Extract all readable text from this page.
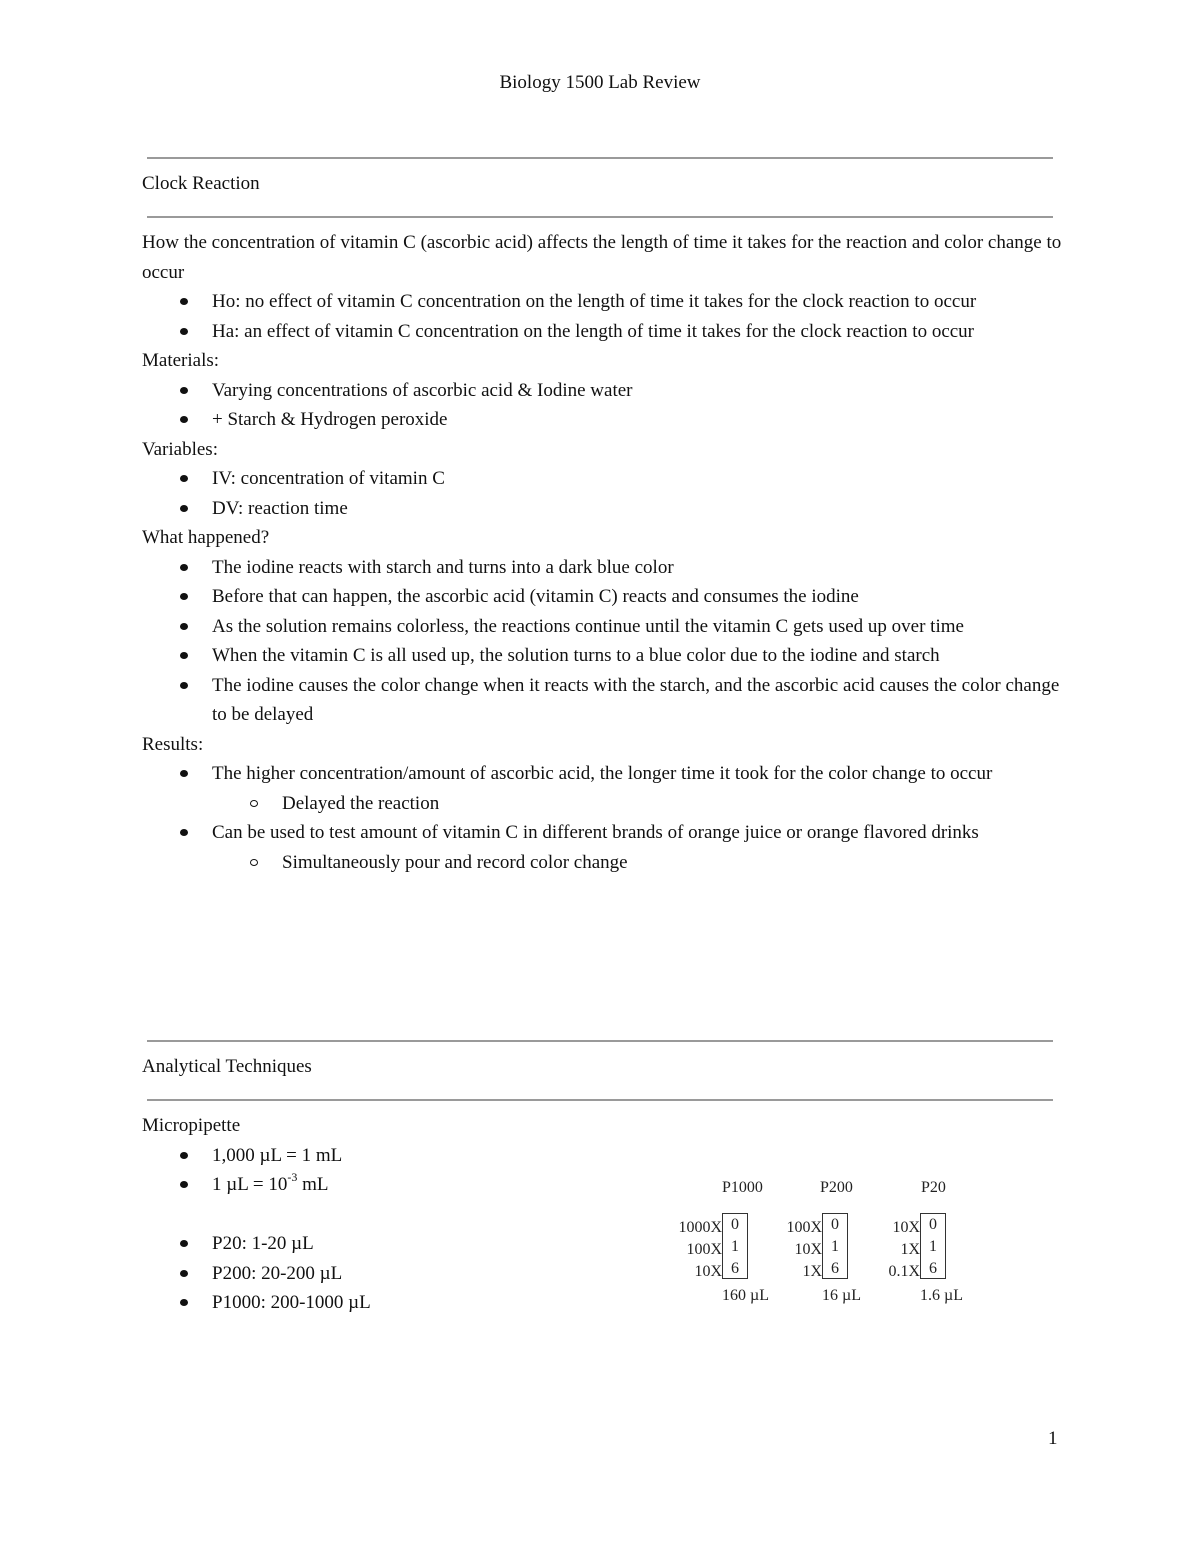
Biology 1500 Lab Review
Clock Reaction

How the concentration of vitamin C (ascorbic acid) affects the length of time it takes for the reaction and color change to occur

Ho: no effect of vitamin C concentration on the length of time it takes for the clock reaction to occur
Ha: an effect of vitamin C concentration on the length of time it takes for the clock reaction to occur

Materials:

Varying concentrations of ascorbic acid & Iodine water
+ Starch & Hydrogen peroxide

Variables:

IV: concentration of vitamin C
DV: reaction time

What happened?

The iodine reacts with starch and turns into a dark blue color
Before that can happen, the ascorbic acid (vitamin C) reacts and consumes the iodine
As the solution remains colorless, the reactions continue until the vitamin C gets used up over time
When the vitamin C is all used up, the solution turns to a blue color due to the iodine and starch
The iodine causes the color change when it reacts with the starch, and the ascorbic acid causes the color change to be delayed

Results:

The higher concentration/amount of ascorbic acid, the longer time it took for the color change to occur
Delayed the reaction
Can be used to test amount of vitamin C in different brands of orange juice or orange flavored drinks
Simultaneously pour and record color change
Analytical Techniques

Micropipette

1,000 µL = 1 mL
1 $\mu L = 10^{-3}$ mL
P20: 1-20 µL
P200: 20-200 µL
P1000: 200-1000 µL
P1000
1000X
100X
10X
0
1
6
160 µL
P200
100X
10X
1X
0
1
6
16 µL
P20
10X
1X
0.1X
0
1
6
1.6 µL
1
